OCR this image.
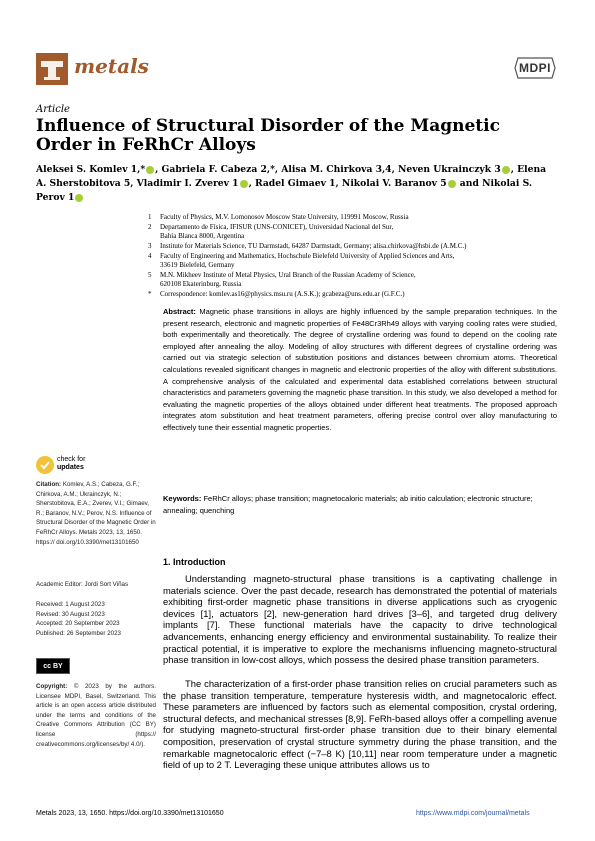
metals	MDPI
Article
Influence of Structural Disorder of the Magnetic Order in FeRhCr Alloys
Aleksei S. Komlev 1,* , Gabriela F. Cabeza 2,*, Alisa M. Chirkova 3,4, Neven Ukrainczyk 3 , Elena A. Sherstobitova 5, Vladimir I. Zverev 1 , Radel Gimaev 1, Nikolai V. Baranov 5 and Nikolai S. Perov 1
1 Faculty of Physics, M.V. Lomonosov Moscow State University, 119991 Moscow, Russia
2 Departamento de Física, IFISUR (UNS-CONICET), Universidad Nacional del Sur,
Bahía Blanca 8000, Argentina
3 Institute for Materials Science, TU Darmstadt, 64287 Darmstadt, Germany; alisa.chirkova@hsbi.de (A.M.C.)
4 Faculty of Engineering and Mathematics, Hochschule Bielefeld University of Applied Sciences and Arts,
33619 Bielefeld, Germany
5 M.N. Mikheev Institute of Metal Physics, Ural Branch of the Russian Academy of Science,
620108 Ekaterinburg, Russia
* Correspondence: komlev.as16@physics.msu.ru (A.S.K.); gcabeza@uns.edu.ar (G.F.C.)
Abstract: Magnetic phase transitions in alloys are highly influenced by the sample preparation techniques. In the present research, electronic and magnetic properties of Fe48Cr3Rh49 alloys with varying cooling rates were studied, both experimentally and theoretically. The degree of crystalline ordering was found to depend on the cooling rate employed after annealing the alloy. Modeling of alloy structures with different degrees of crystalline ordering was carried out via strategic selection of substitution positions and distances between chromium atoms. Theoretical calculations revealed significant changes in magnetic and electronic properties of the alloy with different substitutions. A comprehensive analysis of the calculated and experimental data established correlations between structural characteristics and parameters governing the magnetic phase transition. In this study, we also developed a method for evaluating the magnetic properties of the alloys obtained under different heat treatments. The proposed approach integrates atom substitution and heat treatment parameters, offering precise control over alloy manufacturing to effectively tune their essential magnetic properties.
Keywords: FeRhCr alloys; phase transition; magnetocaloric materials; ab initio calculation; electronic structure; annealing; quenching
check for
updates
Citation: Komlev, A.S.; Cabeza, G.F.; Chirkova, A.M.; Ukrainczyk, N.; Sherstobitova, E.A.; Zverev, V.I.; Gimaev, R.; Baranov, N.V.; Perov, N.S. Influence of Structural Disorder of the Magnetic Order in FeRhCr Alloys. Metals 2023, 13, 1650. https:// doi.org/10.3390/met13101650
Academic Editor: Jordi Sort Viñas
Received: 1 August 2023
Revised: 30 August 2023
Accepted: 20 September 2023
Published: 26 September 2023
cc BY
Copyright: © 2023 by the authors. Licensee MDPI, Basel, Switzerland. This article is an open access article distributed under the terms and conditions of the Creative Commons Attribution (CC BY) license (https:// creativecommons.org/licenses/by/ 4.0/).
1. Introduction
Understanding magneto-structural phase transitions is a captivating challenge in materials science. Over the past decade, research has demonstrated the potential of materials exhibiting first-order magnetic phase transitions in diverse applications such as cryogenic devices [1], actuators [2], new-generation hard drives [3–6], and targeted drug delivery implants [7]. These functional materials have the capacity to drive technological advancements, enhancing energy efficiency and environmental sustainability. To realize their practical potential, it is imperative to explore the mechanisms influencing magneto-structural phase transition in low-cost alloys, which possess the desired phase transition parameters.
The characterization of a first-order phase transition relies on crucial parameters such as the phase transition temperature, temperature hysteresis width, and magnetocaloric effect. These parameters are influenced by factors such as elemental composition, crystal ordering, structural defects, and mechanical stresses [8,9]. FeRh-based alloys offer a compelling avenue for studying magneto-structural first-order phase transition due to their binary elemental composition, preservation of crystal structure symmetry during the phase transition, and the remarkable magnetocaloric effect (−7–8 K) [10,11] near room temperature under a magnetic field of up to 2 T. Leveraging these unique attributes allows us to
Metals 2023, 13, 1650. https://doi.org/10.3390/met13101650	https://www.mdpi.com/journal/metals
